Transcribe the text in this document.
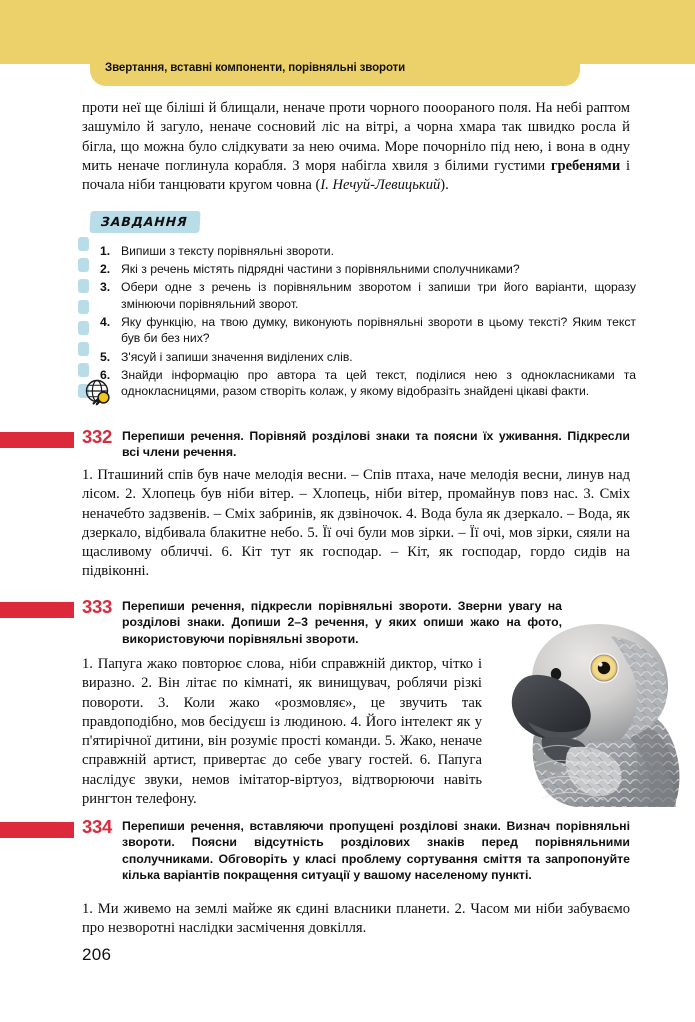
Звертання, вставні компоненти, порівняльні звороти
проти неї ще біліші й блищали, неначе проти чорного пооораного поля. На небі раптом зашуміло й загуло, неначе сосновий ліс на вітрі, а чорна хмара так швидко росла й бігла, що можна було слідкувати за нею очима. Море почорніло під нею, і вона в одну мить неначе поглинула корабля. З моря набігла хвиля з білими густими гребенями і почала ніби танцювати кругом човна (І. Нечуй-Левицький).
ЗАВДАННЯ
1. Випиши з тексту порівняльні звороти.
2. Які з речень містять підрядні частини з порівняльними сполучниками?
3. Обери одне з речень із порівняльним зворотом і запиши три його варіанти, щоразу змінюючи порівняльний зворот.
4. Яку функцію, на твою думку, виконують порівняльні звороти в цьому тексті? Яким текст був би без них?
5. З'ясуй і запиши значення виділених слів.
6. Знайди інформацію про автора та цей текст, поділися нею з однокласниками та однокласницями, разом створіть колаж, у якому відобразіть знайдені цікаві факти.
332 Перепиши речення. Порівняй розділові знаки та поясни їх уживання. Підкресли всі члени речення.
1. Пташиний спів був наче мелодія весни. – Спів птаха, наче мелодія весни, линув над лісом. 2. Хлопець був ніби вітер. – Хлопець, ніби вітер, промайнув повз нас. 3. Сміх неначебто задзвенів. – Сміх забринів, як дзвіночок. 4. Вода була як дзеркало. – Вода, як дзеркало, відбивала блакитне небо. 5. Її очі були мов зірки. – Її очі, мов зірки, сяяли на щасливому обличчі. 6. Кіт тут як господар. – Кіт, як господар, гордо сидів на підвіконні.
333 Перепиши речення, підкресли порівняльні звороти. Зверни увагу на розділові знаки. Допиши 2–3 речення, у яких опиши жако на фото, використовуючи порівняльні звороти.
1. Папуга жако повторює слова, ніби справжній диктор, чітко і виразно. 2. Він літає по кімнаті, як винищувач, роблячи різкі повороти. 3. Коли жако «розмовляє», це звучить так правдоподібно, мов бесідуєш із людиною. 4. Його інтелект як у п'ятирічної дитини, він розуміє прості команди. 5. Жако, неначе справжній артист, привертає до себе увагу гостей. 6. Папуга наслідує звуки, немов імітатор-віртуоз, відтворюючи навіть рингтон телефону.
334 Перепиши речення, вставляючи пропущені розділові знаки. Визнач порівняльні звороти. Поясни відсутність розділових знаків перед порівняльними сполучниками. Обговоріть у класі проблему сортування сміття та запропонуйте кілька варіантів покращення ситуації у вашому населеному пункті.
1. Ми живемо на землі майже як єдині власники планети. 2. Часом ми ніби забуваємо про незворотні наслідки засмічення довкілля.
206
